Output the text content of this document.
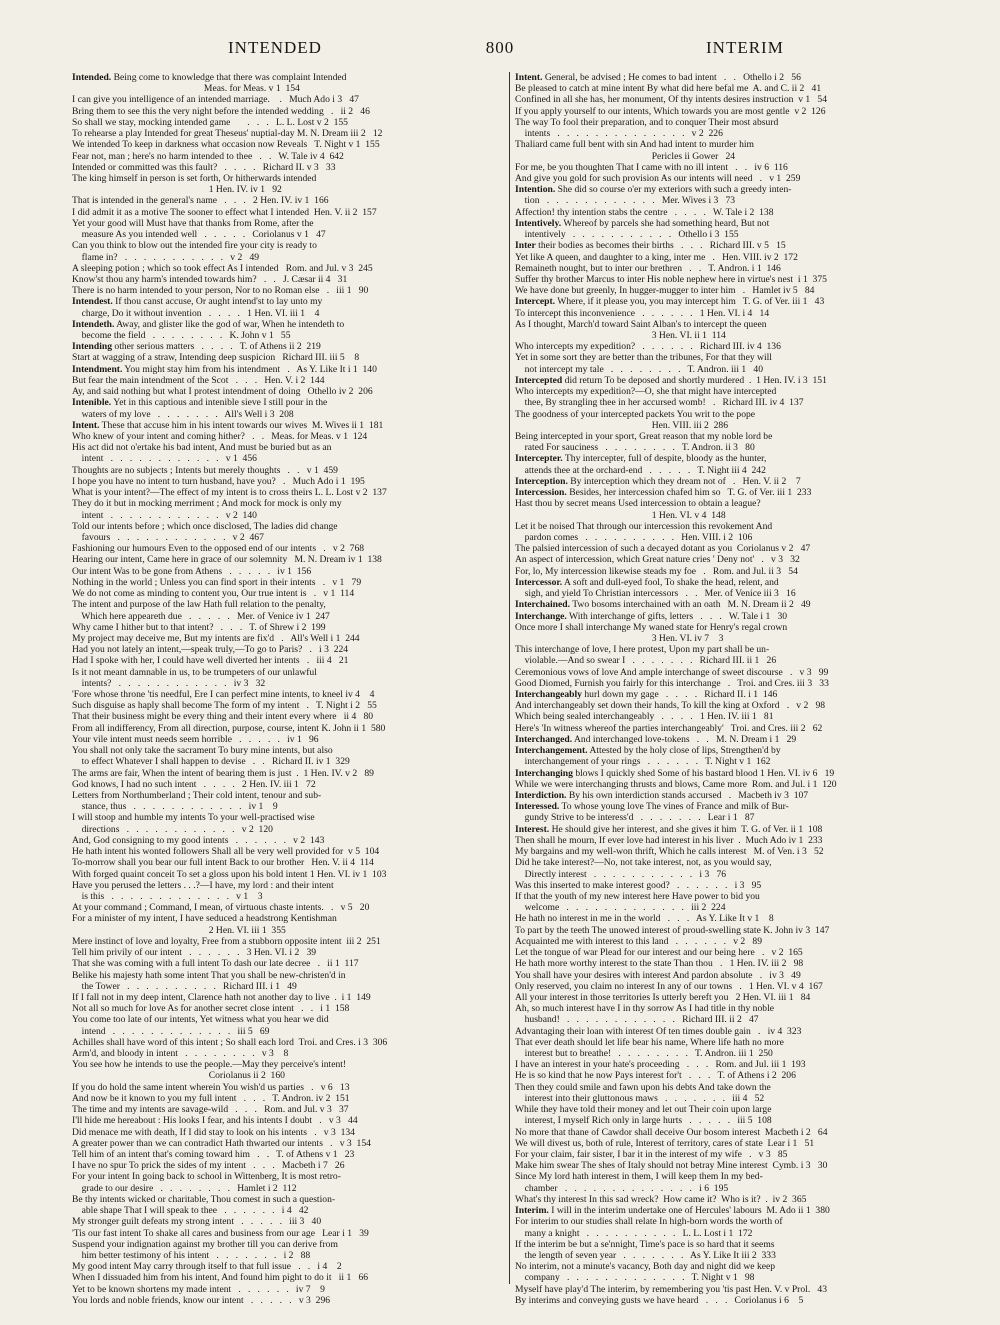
INTENDED	800	INTERIM
Intended. Being come to knowledge that there was complaint Intended
Meas. for Meas. v 1  154
I can give you intelligence of an intended marriage.    .   Much Ado i 3   47
Bring them to see this the very night before the intended wedding   .   ii 2   46
So shall we stay, mocking intended game       .   .   .   L. L. Lost v 2  155
To rehearse a play Intended for great Theseus' nuptial-day M. N. Dream iii 2   12
We intended To keep in darkness what occasion now Reveals   T. Night v 1  155
Fear not, man ; here's no harm intended to thee   .   .   W. Tale iv 4  642
Intended or committed was this fault?   .   .   .   .   Richard II. v 3   33
The king himself in person is set forth, Or hitherwards intended
1 Hen. IV. iv 1   92
That is intended in the general's name   .   .   .   2 Hen. IV. iv 1  166
I did admit it as a motive The sooner to effect what I intended  Hen. V. ii 2  157
Yet your good will Must have that thanks from Rome, after the
measure As you intended well   .   .   .   .   .   Coriolanus v 1   47
Can you think to blow out the intended fire your city is ready to
flame in?   .   .   .   .   .   .   .   .   .   .   .   v 2   49
A sleeping potion ; which so took effect As I intended   Rom. and Jul. v 3  245
Know'st thou any harm's intended towards him?   .   .   J. Cæsar ii 4   31
There is no harm intended to your person, Nor to no Roman else   .   iii 1   90
Intendest. If thou canst accuse, Or aught intend'st to lay unto my
charge, Do it without invention   .   .   .   .   1 Hen. VI. iii 1    4
Intendeth. Away, and glister like the god of war, When he intendeth to
become the field   .   .   .   .   .   .   .   .   K. John v 1   55
Intending other serious matters   .   .   .   .   T. of Athens ii 2  219
Start at wagging of a straw, Intending deep suspicion   Richard III. iii 5    8
Intendment. You might stay him from his intendment   .   As Y. Like It i 1  140
But fear the main intendment of the Scot   .   .   .   Hen. V. i 2  144
Ay, and said nothing but what I protest intendment of doing   Othello iv 2  206
Intenible. Yet in this captious and intenible sieve I still pour in the
waters of my love   .   .   .   .   .   .   .   All's Well i 3  208
Intent. These that accuse him in his intent towards our wives  M. Wives ii 1  181
Who knew of your intent and coming hither?   .   .   Meas. for Meas. v 1  124
His act did not o'ertake his bad intent, And must be buried but as an
intent   .   .   .   .   .   .   .   .   .   .   .   .   v 1  456
Thoughts are no subjects ; Intents but merely thoughts   .   .   v 1  459
I hope you have no intent to turn husband, have you?   .   Much Ado i 1  195
What is your intent?—The effect of my intent is to cross theirs L. L. Lost v 2  137
They do it but in mocking merriment ; And mock for mock is only my
intent   .   .   .   .   .   .   .   .   .   .   .   .   v 2  140
Told our intents before ; which once disclosed, The ladies did change
favours   .   .   .   .   .   .   .   .   .   .   .   .   v 2  467
Fashioning our humours Even to the opposed end of our intents   .   v 2  768
Hearing our intent, Came here in grace of our solemnity   M. N. Dream iv 1  138
Our intent Was to be gone from Athens   .   .   .   .   .   iv 1  156
Nothing in the world ; Unless you can find sport in their intents   .   v 1   79
We do not come as minding to content you, Our true intent is   .   v 1  114
The intent and purpose of the law Hath full relation to the penalty,
Which here appeareth due   .   .   .   .   .   Mer. of Venice iv 1  247
Why came I hither but to that intent?   .   .   .   T. of Shrew i 2  199
My project may deceive me, But my intents are fix'd   .   All's Well i 1  244
Had you not lately an intent,—speak truly,—To go to Paris?   .   i 3  224
Had I spoke with her, I could have well diverted her intents   .   iii 4   21
Is it not meant damnable in us, to be trumpeters of our unlawful
intents?   .   .   .   .   .   .   .   .   .   .   .   .   iv 3   32
'Fore whose throne 'tis needful, Ere I can perfect mine intents, to kneel iv 4    4
Such disguise as haply shall become The form of my intent   .   T. Night i 2   55
That their business might be every thing and their intent every where   ii 4   80
From all indifferency, From all direction, purpose, course, intent K. John ii 1  580
Your vile intent must needs seem horrible   .   .   .   .   .   iv 1   96
You shall not only take the sacrament To bury mine intents, but also
to effect Whatever I shall happen to devise   .   .   Richard II. iv 1  329
The arms are fair, When the intent of bearing them is just  .  1 Hen. IV. v 2   89
God knows, I had no such intent   .   .   .   .   2 Hen. IV. iii 1   72
Letters from Northumberland ; Their cold intent, tenour and sub-
stance, thus   .   .   .   .   .   .   .   .   .   .   .   .   iv 1    9
I will stoop and humble my intents To your well-practised wise
directions   .   .   .   .   .   .   .   .   .   .   .   .   v 2  120
And, God consigning to my good intents   .   .   .   .   .   .   v 2  143
He hath intent his wonted followers Shall all be very well provided for  v 5  104
To-morrow shall you bear our full intent Back to our brother   Hen. V. ii 4  114
With forged quaint conceit To set a gloss upon his bold intent 1 Hen. VI. iv 1  103
Have you perused the letters . . .?—I have, my lord : and their intent
is this   .   .   .   .   .   .   .   .   .   .   .   .   .   v 1    3
At your command ; Command, I mean, of virtuous chaste intents.   .   v 5   20
For a minister of my intent, I have seduced a headstrong Kentishman
2 Hen. VI. iii 1  355
Mere instinct of love and loyalty, Free from a stubborn opposite intent  iii 2  251
Tell him privily of our intent   .   .   .   .   .   .   3 Hen. VI. i 2   39
That she was coming with a full intent To dash our late decree   .   ii 1  117
Belike his majesty hath some intent That you shall be new-christen'd in
the Tower   .   .   .   .   .   .   .   .   .   .   Richard III. i 1   49
If I fall not in my deep intent, Clarence hath not another day to live  .  i 1  149
Not all so much for love As for another secret close intent   .   .   i 1  158
You come too late of our intents, Yet witness what you hear we did
intend   .   .   .   .   .   .   .   .   .   .   .   .   .   iii 5   69
Achilles shall have word of this intent ; So shall each lord  Troi. and Cres. i 3  306
Arm'd, and bloody in intent   .   .   .   .   .   .   .   .   v 3    8
You see how he intends to use the people.—May they perceive's intent!
Coriolanus ii 2  160
If you do hold the same intent wherein You wish'd us parties   .   v 6   13
And now be it known to you my full intent   .   .   .   T. Andron. iv 2  151
The time and my intents are savage-wild   .   .   .   Rom. and Jul. v 3   37
I'll hide me hereabout : His looks I fear, and his intents I doubt   .   v 3   44
Did menace me with death, If I did stay to look on his intents   .   v 3  134
A greater power than we can contradict Hath thwarted our intents   .   v 3  154
Tell him of an intent that's coming toward him   .   .   T. of Athens v 1   23
I have no spur To prick the sides of my intent   .   .   .   Macbeth i 7   26
For your intent In going back to school in Wittenberg, It is most retro-
grade to our desire   .   .   .   .   .   .   .   .   Hamlet i 2  112
Be thy intents wicked or charitable, Thou comest in such a question-
able shape That I will speak to thee   .   .   .   .   .   .   i 4   42
My stronger guilt defeats my strong intent   .   .   .   .   .   iii 3   40
'Tis our fast intent To shake all cares and business from our age   Lear i 1   39
Suspend your indignation against my brother till you can derive from
him better testimony of his intent   .   .   .   .   .   .   .   i 2   88
My good intent May carry through itself to that full issue   .   .   i 4    2
When I dissuaded him from his intent, And found him pight to do it   ii 1   66
Yet to be known shortens my made intent   .   .   .   .   .   .   iv 7    9
You lords and noble friends, know our intent   .   .   .   .   .   v 3  296
Intent. General, be advised ; He comes to bad intent   .   .   Othello i 2   56
Be pleased to catch at mine intent By what did here befal me  A. and C. ii 2   41
Confined in all she has, her monument, Of thy intents desires instruction  v 1   54
If you apply yourself to our intents, Which towards you are most gentle  v 2  126
The way To fool their preparation, and to conquer Their most absurd
intents   .   .   .   .   .   .   .   .   .   .   .   .   .   .   v 2  226
Thaliard came full bent with sin And had intent to murder him
Pericles ii Gower   24
For me, be you thoughten That I came with no ill intent   .   .   iv 6  116
And give you gold for such provision As our intents will need   .   v 1  259
Intention. She did so course o'er my exteriors with such a greedy inten-
tion   .   .   .   .   .   .   .   .   .   .   .   .   Mer. Wives i 3   73
Affection! thy intention stabs the centre   .   .   .   .   W. Tale i 2  138
Intentively. Whereof by parcels she had something heard, But not
intentively   .   .   .   .   .   .   .   .   .   .   .   Othello i 3  155
Inter their bodies as becomes their births   .   .   .   Richard III. v 5   15
Yet like A queen, and daughter to a king, inter me   .   Hen. VIII. iv 2  172
Remaineth nought, but to inter our brethren   .   .   T. Andron. i 1  146
Suffer thy brother Marcus to inter His noble nephew here in virtue's nest  i 1  375
We have done but greenly, In hugger-mugger to inter him   .   Hamlet iv 5   84
Intercept. Where, if it please you, you may intercept him   T. G. of Ver. iii 1   43
To intercept this inconvenience   .   .   .   .   .   .   1 Hen. VI. i 4   14
As I thought, March'd toward Saint Alban's to intercept the queen
3 Hen. VI. ii 1  114
Who intercepts my expedition?   .   .   .   .   .   .   Richard III. iv 4  136
Yet in some sort they are better than the tribunes, For that they will
not intercept my tale   .   .   .   .   .   .   .   .   T. Andron. iii 1   40
Intercepted did return To be deposed and shortly murdered  .  1 Hen. IV. i 3  151
Who intercepts my expedition?—O, she that might have intercepted
thee, By strangling thee in her accursed womb!   .   Richard III. iv 4  137
The goodness of your intercepted packets You writ to the pope
Hen. VIII. iii 2  286
Being intercepted in your sport, Great reason that my noble lord be
rated For sauciness   .   .   .   .   .   .   .   .   T. Andron. ii 3   80
Intercepter. Thy intercepter, full of despite, bloody as the hunter,
attends thee at the orchard-end   .   .   .   .   .   T. Night iii 4  242
Interception. By interception which they dream not of   .   Hen. V. ii 2    7
Intercession. Besides, her intercession chafed him so   T. G. of Ver. iii 1  233
Hast thou by secret means Used intercession to obtain a league?
1 Hen. VI. v 4  148
Let it be noised That through our intercession this revokement And
pardon comes   .   .   .   .   .   .   .   .   .   .   Hen. VIII. i 2  106
The palsied intercession of such a decayed dotant as you  Coriolanus v 2   47
An aspect of intercession, which Great nature cries ' Deny not'   .   v 3   32
For, lo, My intercession likewise steads my foe   .   Rom. and Jul. ii 3   54
Intercessor. A soft and dull-eyed fool, To shake the head, relent, and
sigh, and yield To Christian intercessors   .   .   Mer. of Venice iii 3   16
Interchained. Two bosoms interchained with an oath   M. N. Dream ii 2   49
Interchange. With interchange of gifts, letters   .   .   .   W. Tale i 1   30
Once more I shall interchange My waned state for Henry's regal crown
3 Hen. VI. iv 7    3
This interchange of love, I here protest, Upon my part shall be un-
violable.—And so swear I   .   .   .   .   .   .   .   Richard III. ii 1   26
Ceremonious vows of love And ample interchange of sweet discourse   .   v 3   99
Good Diomed, Furnish you fairly for this interchange   .   Troi. and Cres. iii 3   33
Interchangeably hurl down my gage   .   .   .   .   Richard II. i 1  146
And interchangeably set down their hands, To kill the king at Oxford   .   v 2   98
Which being sealed interchangeably   .   .   .   .   1 Hen. IV. iii 1   81
Here's 'In witness whereof the parties interchangeably'   Troi. and Cres. iii 2   62
Interchanged. And interchanged love-tokens   .   .   M. N. Dream i 1   29
Interchangement. Attested by the holy close of lips, Strengthen'd by
interchangement of your rings   .   .   .   .   .   .   T. Night v 1  162
Interchanging blows I quickly shed Some of his bastard blood 1 Hen. VI. iv 6   19
While we were interchanging thrusts and blows, Came more  Rom. and Jul. i 1  120
Interdiction. By his own interdiction stands accursed   .   Macbeth iv 3  107
Interessed. To whose young love The vines of France and milk of Bur-
gundy Strive to be interess'd   .   .   .   .   .   .   .   Lear i 1   87
Interest. He should give her interest, and she gives it him  T. G. of Ver. ii 1  108
Then shall he mourn, If ever love had interest in his liver  .  Much Ado iv 1  233
My bargains and my well-won thrift, Which he calls interest   M. of Ven. i 3   52
Did he take interest?—No, not take interest, not, as you would say,
Directly interest   .   .   .   .   .   .   .   .   .   .   .   i 3   76
Was this inserted to make interest good?   .   .   .   .   .   .   i 3   95
If that the youth of my new interest here Have power to bid you
welcome   .   .   .   .   .   .   .   .   .   .   .   .   .   iii 2  224
He hath no interest in me in the world   .   .   .   As Y. Like It v 1    8
To part by the teeth The unowed interest of proud-swelling state K. John iv 3  147
Acquainted me with interest to this land   .   .   .   .   .   .   v 2   89
Let the tongue of war Plead for our interest and our being here   .   v 2  165
He hath more worthy interest to the state Than thou   .   1 Hen. IV. iii 2   98
You shall have your desires with interest And pardon absolute   .   iv 3   49
Only reserved, you claim no interest In any of our towns   .   1 Hen. VI. v 4  167
All your interest in those territories Is utterly bereft you   2 Hen. VI. iii 1   84
Ah, so much interest have I in thy sorrow As I had title in thy noble
husband!   .   .   .   .   .   .   .   .   .   .   .   .   Richard III. ii 2   47
Advantaging their loan with interest Of ten times double gain   .   iv 4  323
That ever death should let life bear his name, Where life hath no more
interest but to breathe!   .   .   .   .   .   .   .   .   T. Andron. iii 1  250
I have an interest in your hate's proceeding   .   .   .   Rom. and Jul. iii 1  193
He is so kind that he now Pays interest for't   .   .   .   T. of Athens i 2  206
Then they could smile and fawn upon his debts And take down the
interest into their gluttonous maws   .   .   .   .   .   .   .   iii 4   52
While they have told their money and let out Their coin upon large
interest, I myself Rich only in large hurts   .   .   .   .   .   iii 5  108
No more that thane of Cawdor shall deceive Our bosom interest  Macbeth i 2   64
We will divest us, both of rule, Interest of territory, cares of state  Lear i 1   51
For your claim, fair sister, I bar it in the interest of my wife   .   v 3   85
Make him swear The shes of Italy should not betray Mine interest  Cymb. i 3   30
Since My lord hath interest in them, I will keep them In my bed-
chamber   .   .   .   .   .   .   .   .   .   .   .   .   .   .   i 6  195
What's thy interest In this sad wreck?  How came it?  Who is it?  .  iv 2  365
Interim. I will in the interim undertake one of Hercules' labours  M. Ado ii 1  380
For interim to our studies shall relate In high-born words the worth of
many a knight   .   .   .   .   .   .   .   .   .   .   L. L. Lost i 1  172
If the interim be but a se'nnight, Time's pace is so hard that it seems
the length of seven year   .   .   .   .   .   .   .   As Y. Like It iii 2  333
No interim, not a minute's vacancy, Both day and night did we keep
company   .   .   .   .   .   .   .   .   .   .   .   .   .   T. Night v 1   98
Myself have play'd The interim, by remembering you 'tis past Hen. V. v Prol.   43
By interims and conveying gusts we have heard   .   .   .   Coriolanus i 6    5
